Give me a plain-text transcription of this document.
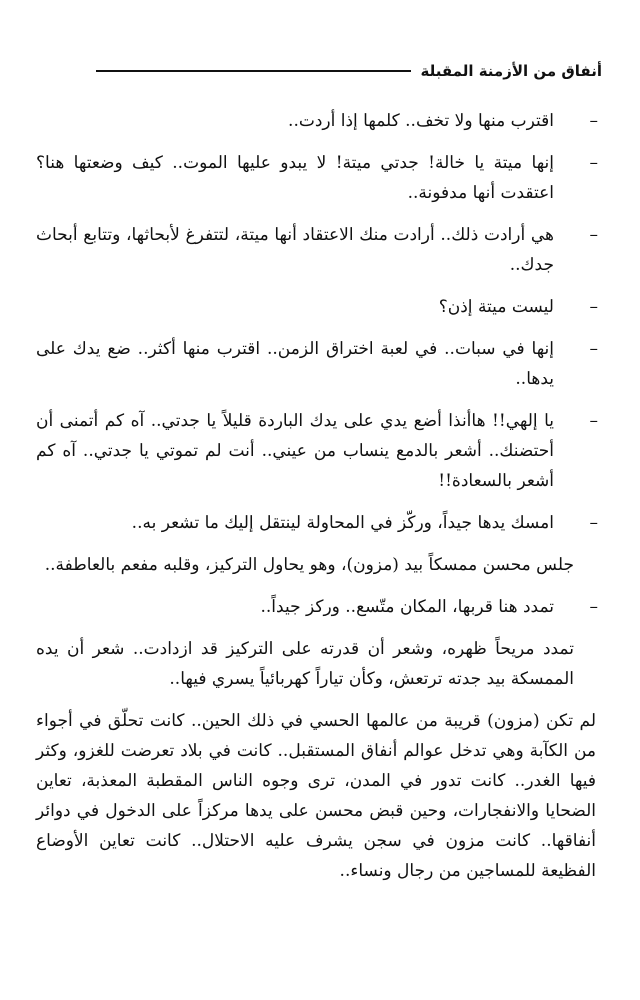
أنفاق من الأزمنة المقبلة
–
اقترب منها ولا تخف.. كلمها إذا أردت..
–
إنها ميتة يا خالة! جدتي ميتة! لا يبدو عليها الموت.. كيف وضعتها هنا؟ اعتقدت أنها مدفونة..
–
هي أرادت ذلك.. أرادت منك الاعتقاد أنها ميتة، لتتفرغ لأبحاثها، وتتابع أبحاث جدك..
–
ليست ميتة إذن؟
–
إنها في سبات.. في لعبة اختراق الزمن.. اقترب منها أكثر.. ضع يدك على يدها..
–
يا إلهي!! هاأنذا أضع يدي على يدك الباردة قليلاً يا جدتي.. آه كم أتمنى أن أحتضنك.. أشعر بالدمع ينساب من عيني.. أنت لم تموتي يا جدتي.. آه كم أشعر بالسعادة!!
–
امسك يدها جيداً، وركّز في المحاولة لينتقل إليك ما تشعر به..
جلس محسن ممسكاً بيد (مزون)، وهو يحاول التركيز، وقلبه مفعم بالعاطفة..
–
تمدد هنا قربها، المكان متّسع.. وركز جيداً..
تمدد مريحاً ظهره، وشعر أن قدرته على التركيز قد ازدادت.. شعر أن يده الممسكة بيد جدته ترتعش، وكأن تياراً كهربائياً يسري فيها..
لم تكن (مزون) قريبة من عالمها الحسي في ذلك الحين.. كانت تحلّق في أجواء من الكآبة وهي تدخل عوالم أنفاق المستقبل.. كانت في بلاد تعرضت للغزو، وكثر فيها الغدر.. كانت تدور في المدن، ترى وجوه الناس المقطبة المعذبة، تعاين الضحايا والانفجارات، وحين قبض محسن على يدها مركزاً على الدخول في دوائر أنفاقها.. كانت مزون في سجن يشرف عليه الاحتلال.. كانت تعاين الأوضاع الفظيعة للمساجين من رجال ونساء..
